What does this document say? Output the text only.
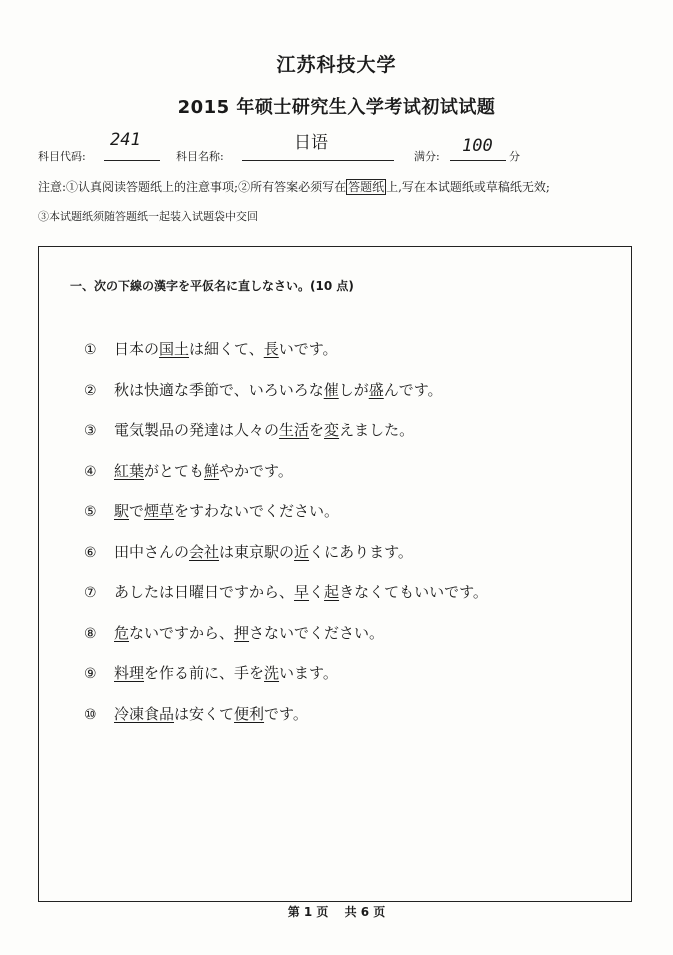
江苏科技大学
2015 年硕士研究生入学考试初试试题
科目代码:
241
科目名称:
日语
满分:
100
分
注意:①认真阅读答题纸上的注意事项;②所有答案必须写在 答题纸 上,写在本试题纸或草稿纸无效;
③本试题纸须随答题纸一起装入试题袋中交回
一、次の下線の漢字を平仮名に直しなさい。(10 点)
① 日本の国土は細くて、長いです。
② 秋は快適な季節で、いろいろな催しが盛んです。
③ 電気製品の発達は人々の生活を変えました。
④ 紅葉がとても鮮やかです。
⑤ 駅で煙草をすわないでください。
⑥ 田中さんの会社は東京駅の近くにあります。
⑦ あしたは日曜日ですから、早く起きなくてもいいです。
⑧ 危ないですから、押さないでください。
⑨ 料理を作る前に、手を洗います。
⑩ 冷凍食品は安くて便利です。
第 1 页 共 6 页
